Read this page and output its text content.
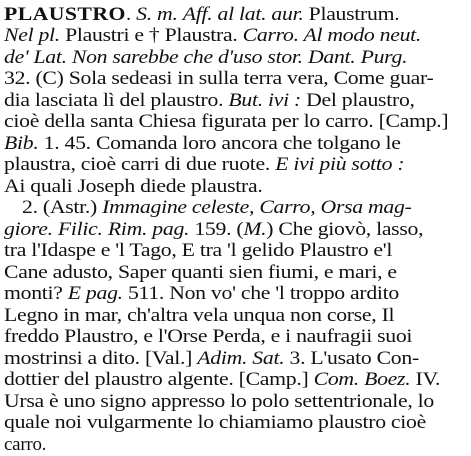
PLAUSTRO. S. m. Aff. al lat. aur. Plaustrum.
Nel pl. Plaustri e † Plaustra. Carro. Al modo neut.
de' Lat. Non sarebbe che d'uso stor. Dant. Purg.
32. (C) Sola sedeasi in sulla terra vera, Come guar-
dia lasciata lì del plaustro. But. ivi : Del plaustro,
cioè della santa Chiesa figurata per lo carro. [Camp.]
Bib. 1. 45. Comanda loro ancora che tolgano le
plaustra, cioè carri di due ruote. E ivi più sotto :
Ai quali Joseph diede plaustra.
2. (Astr.) Immagine celeste, Carro, Orsa mag-
giore. Filic. Rim. pag. 159. (M.) Che giovò, lasso,
tra l'Idaspe e 'l Tago, E tra 'l gelido Plaustro e'l
Cane adusto, Saper quanti sien fiumi, e mari, e
monti? E pag. 511. Non vo' che 'l troppo ardito
Legno in mar, ch'altra vela unqua non corse, Il
freddo Plaustro, e l'Orse Perda, e i naufragii suoi
mostrinsi a dito. [Val.] Adim. Sat. 3. L'usato Con-
dottier del plaustro algente. [Camp.] Com. Boez. IV.
Ursa è uno signo appresso lo polo settentrionale, lo
quale noi vulgarmente lo chiamiamo plaustro cioè
carro.
